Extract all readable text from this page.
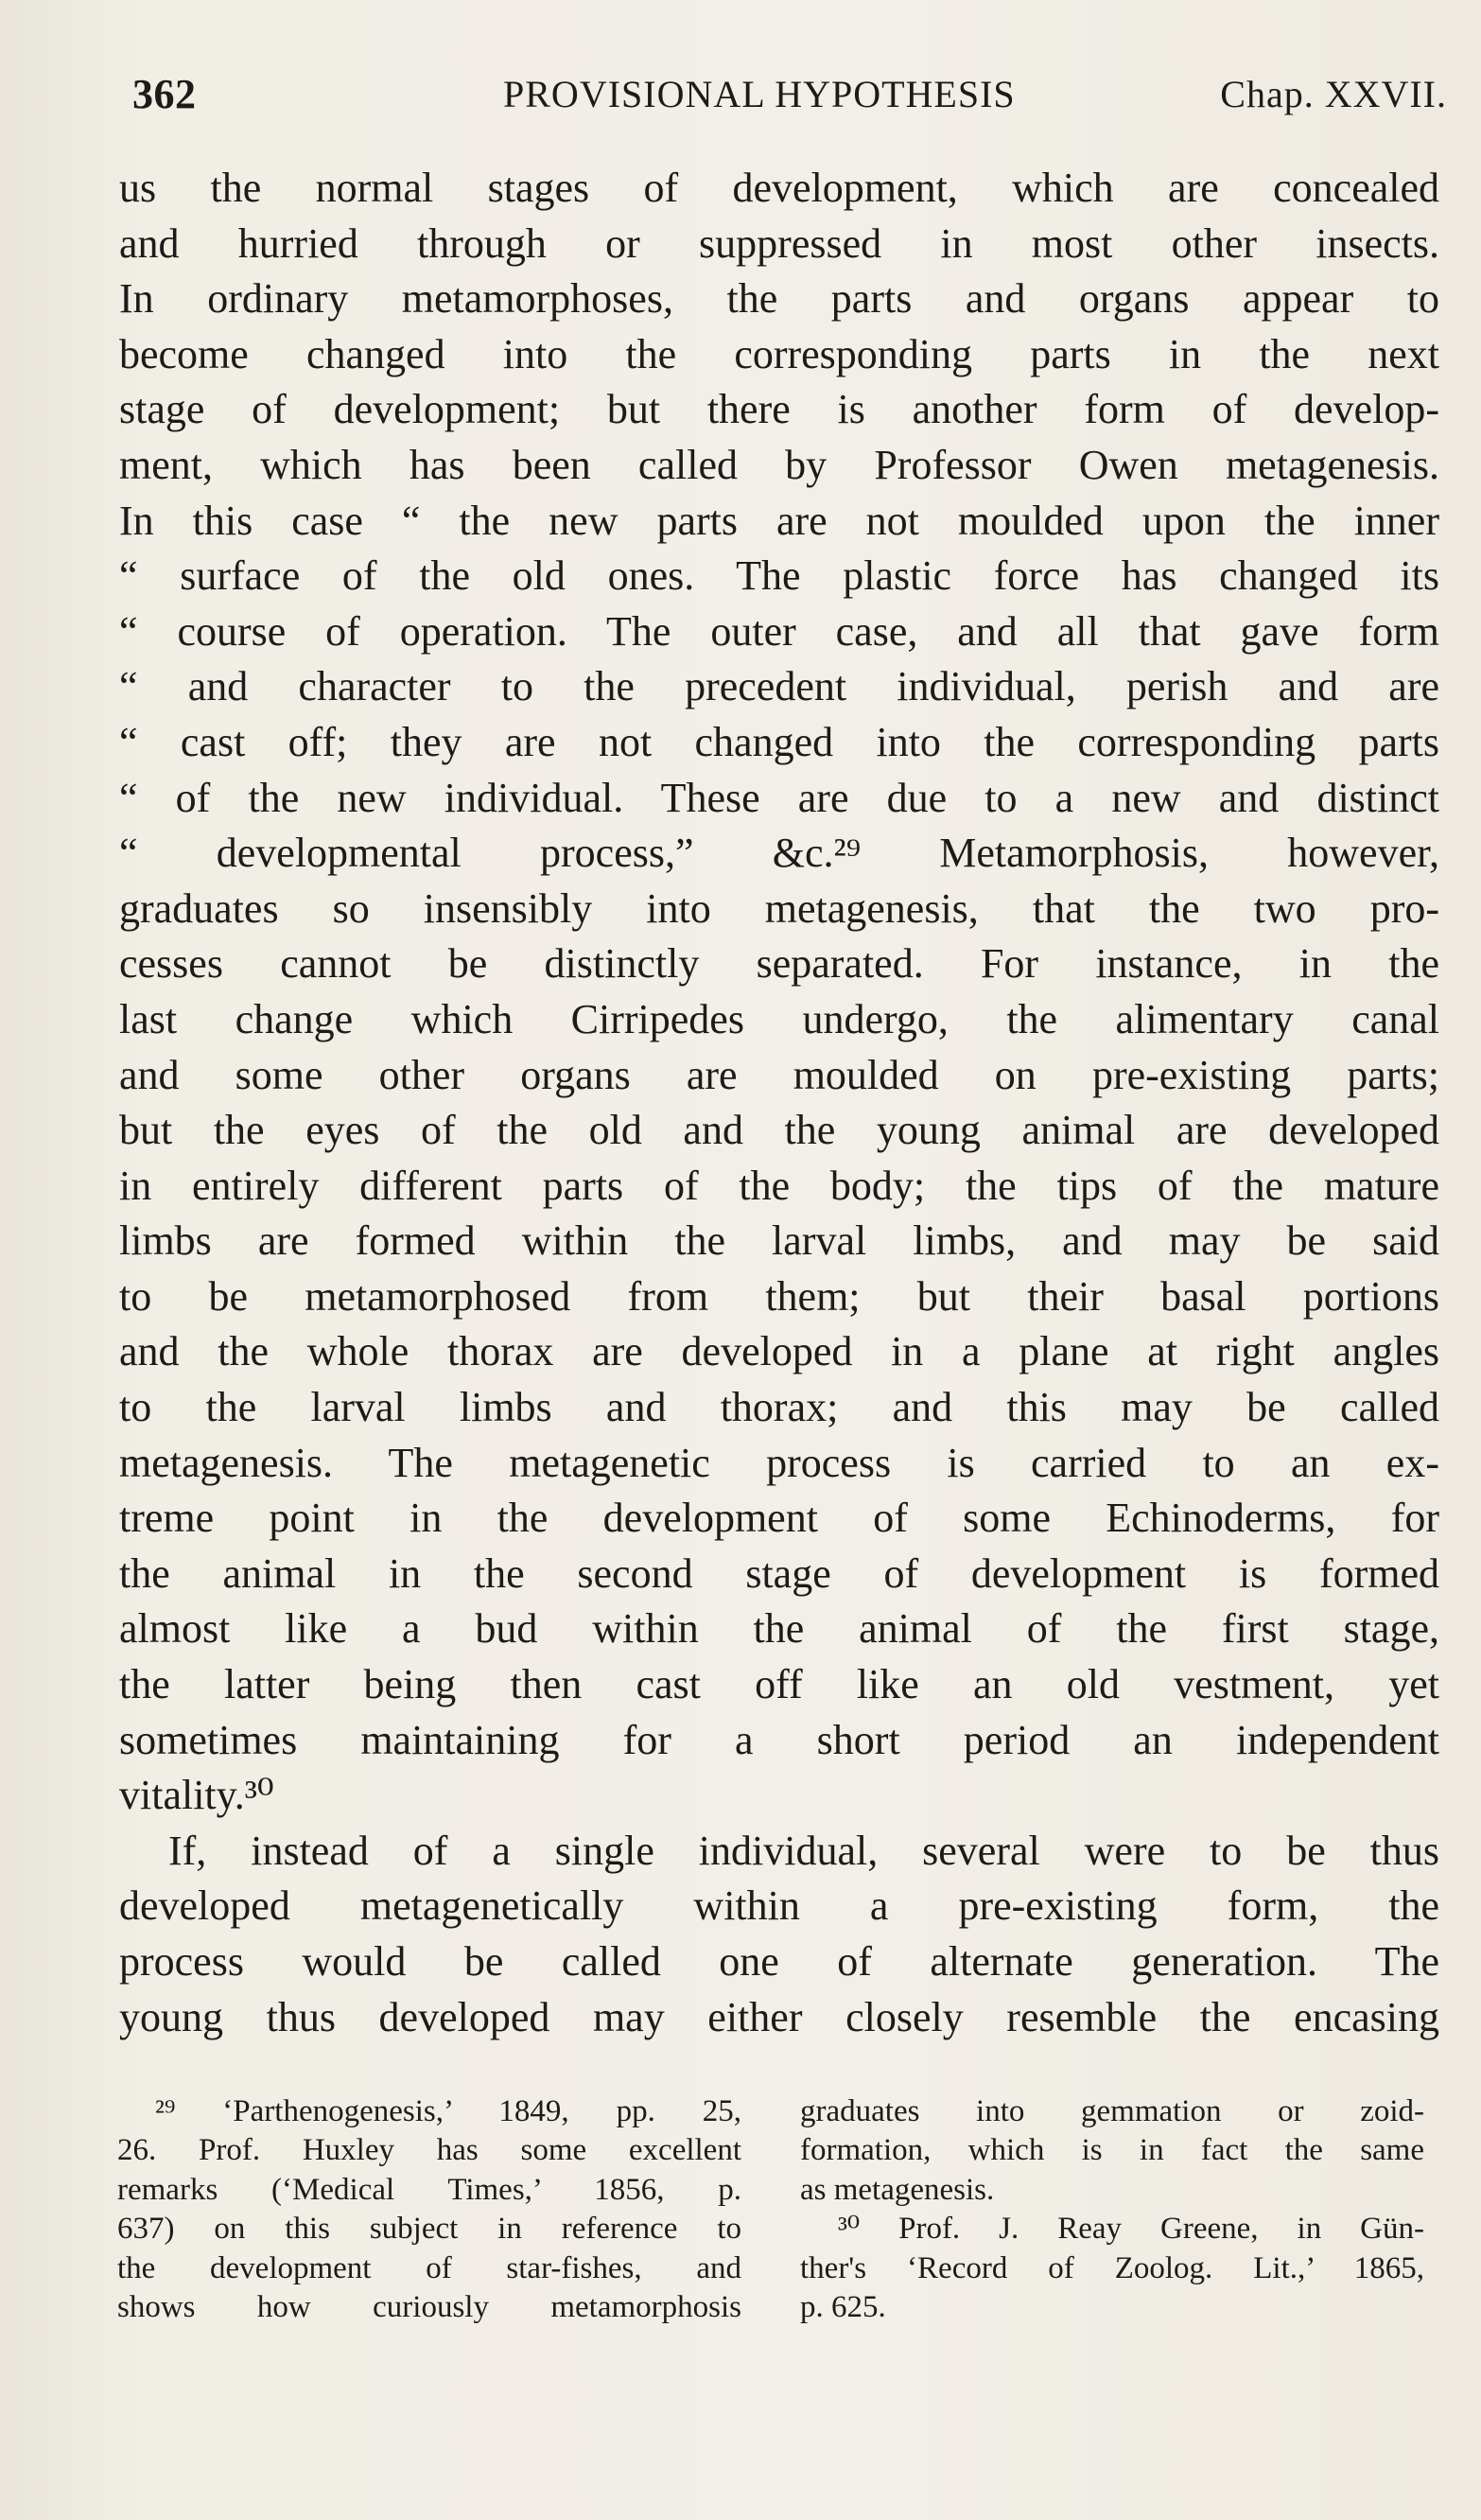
362	PROVISIONAL HYPOTHESIS	Chap. XXVII.
us the normal stages of development, which are concealed
and hurried through or suppressed in most other insects.
In ordinary metamorphoses, the parts and organs appear to
become changed into the corresponding parts in the next
stage of development; but there is another form of develop-
ment, which has been called by Professor Owen metagenesis.
In this case “ the new parts are not moulded upon the inner
“ surface of the old ones. The plastic force has changed its
“ course of operation. The outer case, and all that gave form
“ and character to the precedent individual, perish and are
“ cast off; they are not changed into the corresponding parts
“ of the new individual. These are due to a new and distinct
“ developmental process,” &c.²⁹ Metamorphosis, however,
graduates so insensibly into metagenesis, that the two pro-
cesses cannot be distinctly separated. For instance, in the
last change which Cirripedes undergo, the alimentary canal
and some other organs are moulded on pre-existing parts;
but the eyes of the old and the young animal are developed
in entirely different parts of the body; the tips of the mature
limbs are formed within the larval limbs, and may be said
to be metamorphosed from them; but their basal portions
and the whole thorax are developed in a plane at right angles
to the larval limbs and thorax; and this may be called
metagenesis. The metagenetic process is carried to an ex-
treme point in the development of some Echinoderms, for
the animal in the second stage of development is formed
almost like a bud within the animal of the first stage,
the latter being then cast off like an old vestment, yet
sometimes maintaining for a short period an independent
vitality.³⁰
If, instead of a single individual, several were to be thus
developed metagenetically within a pre-existing form, the
process would be called one of alternate generation. The
young thus developed may either closely resemble the encasing
²⁹ ‘Parthenogenesis,’ 1849, pp. 25,
26. Prof. Huxley has some excellent
remarks (‘Medical Times,’ 1856, p.
637) on this subject in reference to
the development of star-fishes, and
shows how curiously metamorphosis
graduates into gemmation or zoid-
formation, which is in fact the same
as metagenesis.
³⁰ Prof. J. Reay Greene, in Gün-
ther's ‘Record of Zoolog. Lit.,’ 1865,
p. 625.
